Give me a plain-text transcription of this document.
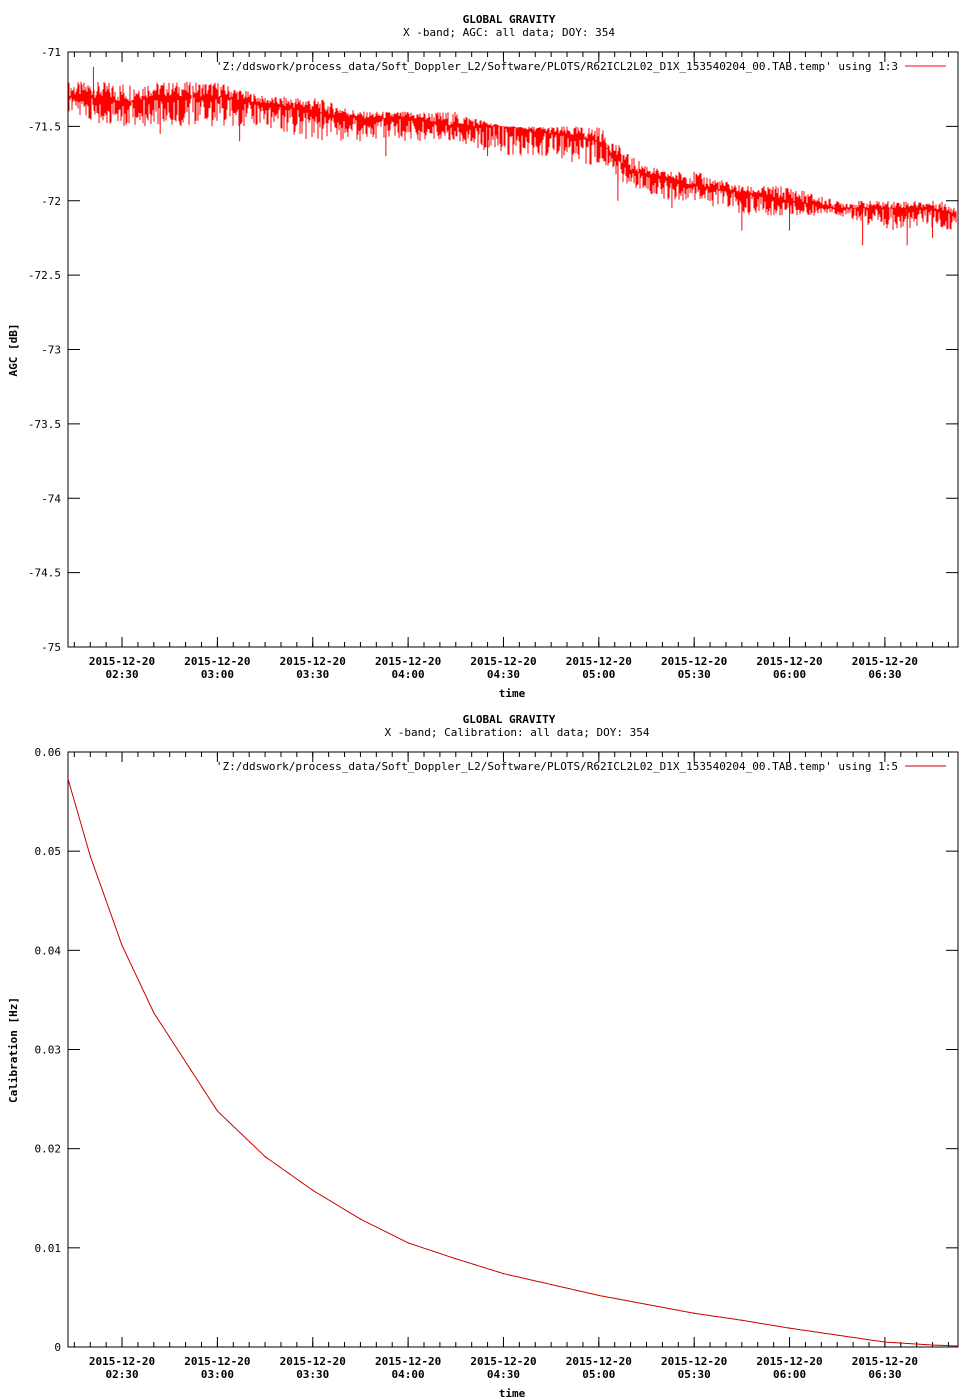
GLOBAL GRAVITY
X -band; AGC: all data; DOY: 354
AGC [dB]
time
'Z:/ddswork/process_data/Soft_Doppler_L2/Software/PLOTS/R62ICL2L02_D1X_153540204_00.TAB.temp' using 1:3
-71
-71.5
-72
-72.5
-73
-73.5
-74
-74.5
-75
2015-12-20
02:30
2015-12-20
03:00
2015-12-20
03:30
2015-12-20
04:00
2015-12-20
04:30
2015-12-20
05:00
2015-12-20
05:30
2015-12-20
06:00
2015-12-20
06:30
GLOBAL GRAVITY
X -band; Calibration: all data; DOY: 354
Calibration [Hz]
time
'Z:/ddswork/process_data/Soft_Doppler_L2/Software/PLOTS/R62ICL2L02_D1X_153540204_00.TAB.temp' using 1:5
0.06
0.05
0.04
0.03
0.02
0.01
0
2015-12-20
02:30
2015-12-20
03:00
2015-12-20
03:30
2015-12-20
04:00
2015-12-20
04:30
2015-12-20
05:00
2015-12-20
05:30
2015-12-20
06:00
2015-12-20
06:30
